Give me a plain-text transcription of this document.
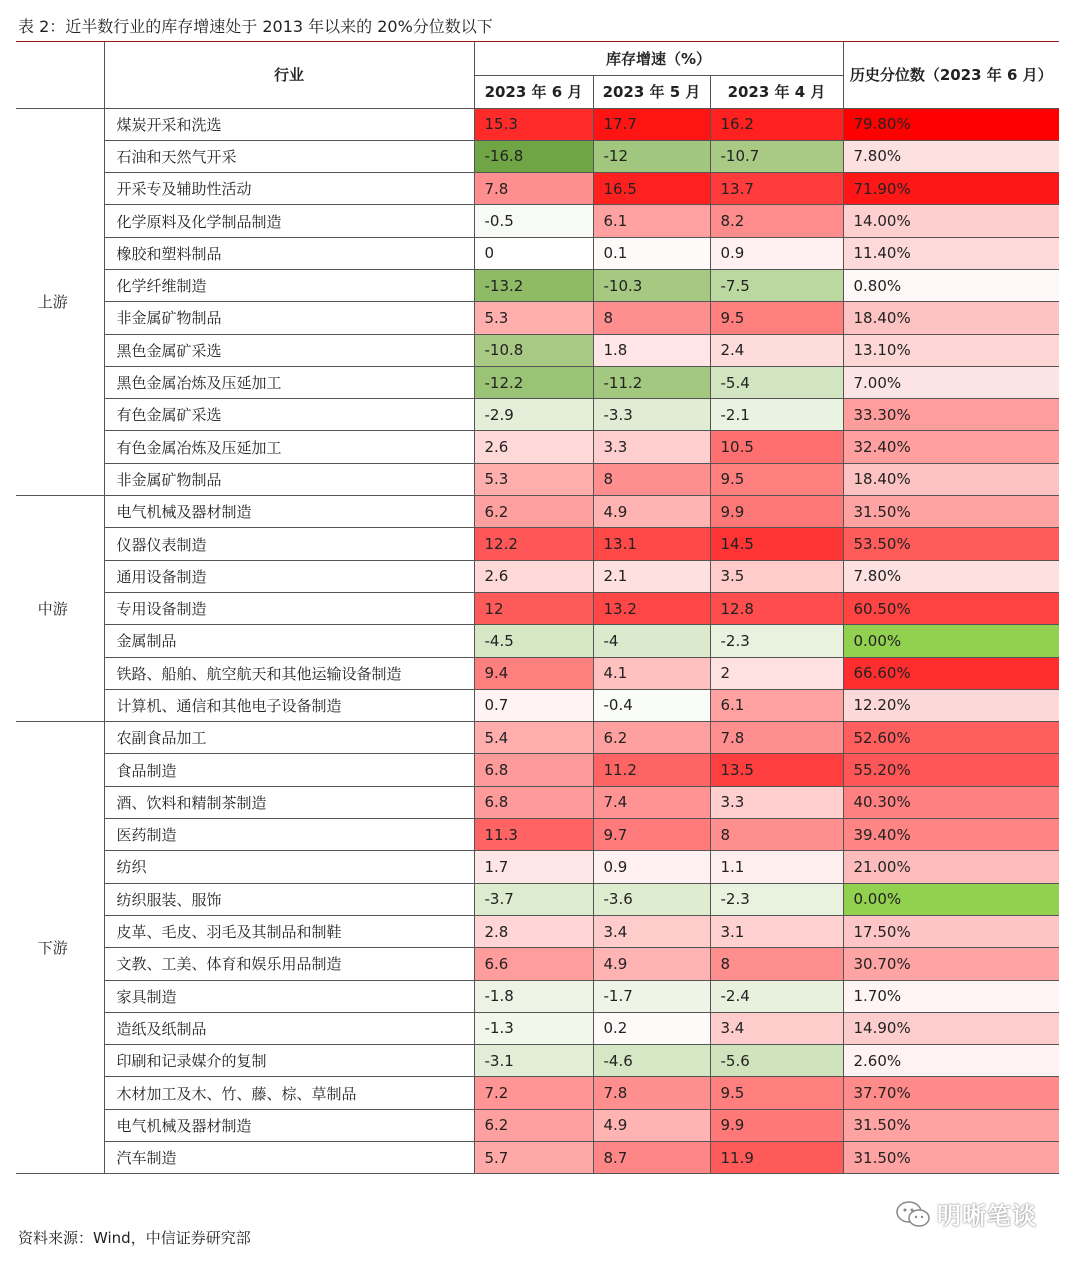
表 2：近半数行业的库存增速处于 2013 年以来的 20%分位数以下
	行业	库存增速（%）			历史分位数（2023 年 6 月）
		2023 年 6 月	2023 年 5 月	2023 年 4 月	
上游	煤炭开采和洗选	15.3	17.7	16.2	79.80%
	石油和天然气开采	-16.8	-12	-10.7	7.80%
	开采专及辅助性活动	7.8	16.5	13.7	71.90%
	化学原料及化学制品制造	-0.5	6.1	8.2	14.00%
	橡胶和塑料制品	0	0.1	0.9	11.40%
	化学纤维制造	-13.2	-10.3	-7.5	0.80%
	非金属矿物制品	5.3	8	9.5	18.40%
	黑色金属矿采选	-10.8	1.8	2.4	13.10%
	黑色金属冶炼及压延加工	-12.2	-11.2	-5.4	7.00%
	有色金属矿采选	-2.9	-3.3	-2.1	33.30%
	有色金属冶炼及压延加工	2.6	3.3	10.5	32.40%
	非金属矿物制品	5.3	8	9.5	18.40%
中游	电气机械及器材制造	6.2	4.9	9.9	31.50%
	仪器仪表制造	12.2	13.1	14.5	53.50%
	通用设备制造	2.6	2.1	3.5	7.80%
	专用设备制造	12	13.2	12.8	60.50%
	金属制品	-4.5	-4	-2.3	0.00%
	铁路、船舶、航空航天和其他运输设备制造	9.4	4.1	2	66.60%
	计算机、通信和其他电子设备制造	0.7	-0.4	6.1	12.20%
下游	农副食品加工	5.4	6.2	7.8	52.60%
	食品制造	6.8	11.2	13.5	55.20%
	酒、饮料和精制茶制造	6.8	7.4	3.3	40.30%
	医药制造	11.3	9.7	8	39.40%
	纺织	1.7	0.9	1.1	21.00%
	纺织服装、服饰	-3.7	-3.6	-2.3	0.00%
	皮革、毛皮、羽毛及其制品和制鞋	2.8	3.4	3.1	17.50%
	文教、工美、体育和娱乐用品制造	6.6	4.9	8	30.70%
	家具制造	-1.8	-1.7	-2.4	1.70%
	造纸及纸制品	-1.3	0.2	3.4	14.90%
	印刷和记录媒介的复制	-3.1	-4.6	-5.6	2.60%
	木材加工及木、竹、藤、棕、草制品	7.2	7.8	9.5	37.70%
	电气机械及器材制造	6.2	4.9	9.9	31.50%
	汽车制造	5.7	8.7	11.9	31.50%
资料来源：Wind，中信证券研究部
明晰笔谈
